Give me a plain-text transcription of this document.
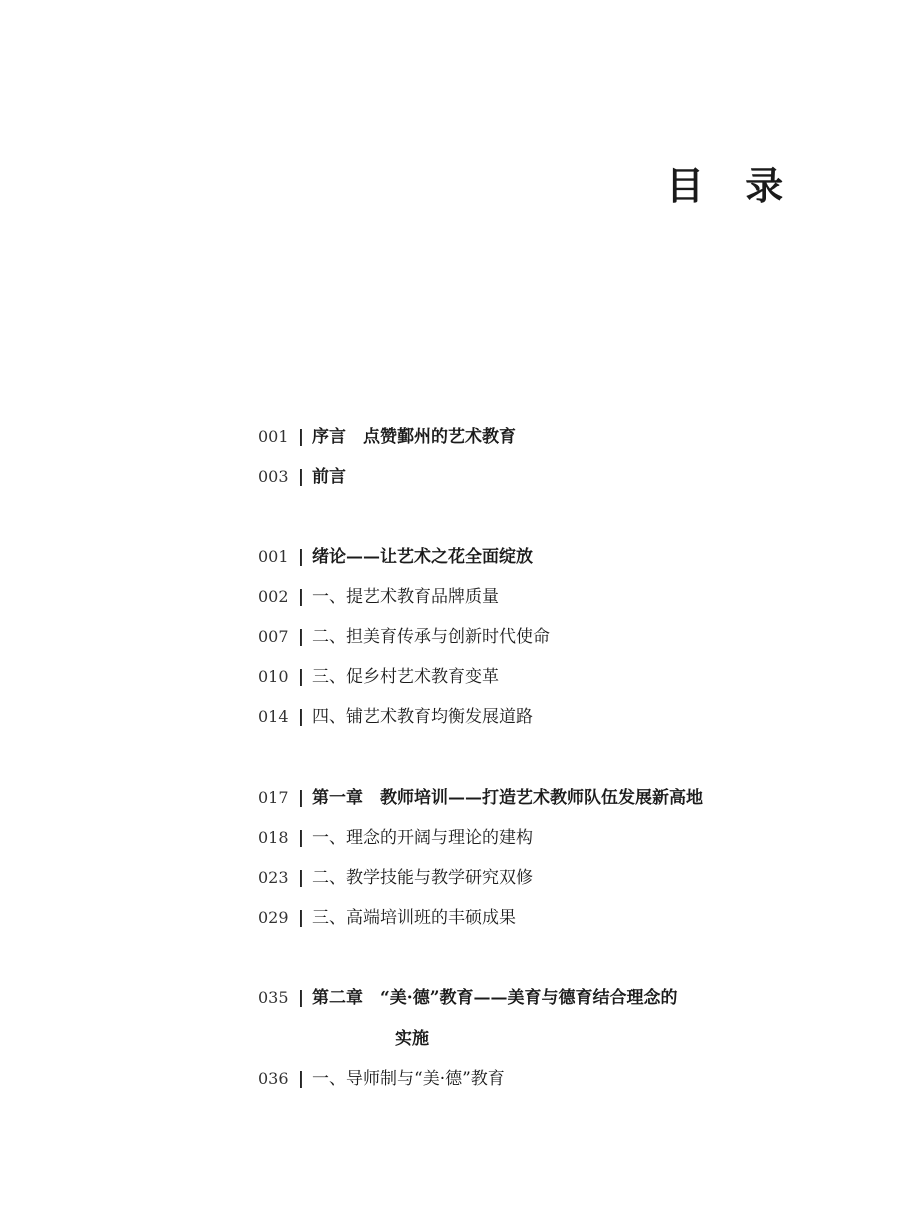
目 录
001 | 序言　点赞鄞州的艺术教育
003 | 前言
001 | 绪论——让艺术之花全面绽放
002 | 一、提艺术教育品牌质量
007 | 二、担美育传承与创新时代使命
010 | 三、促乡村艺术教育变革
014 | 四、铺艺术教育均衡发展道路
017 | 第一章　教师培训——打造艺术教师队伍发展新高地
018 | 一、理念的开阔与理论的建构
023 | 二、教学技能与教学研究双修
029 | 三、高端培训班的丰硕成果
035 | 第二章　“美·德”教育——美育与德育结合理念的
实施
036 | 一、导师制与“美·德”教育
